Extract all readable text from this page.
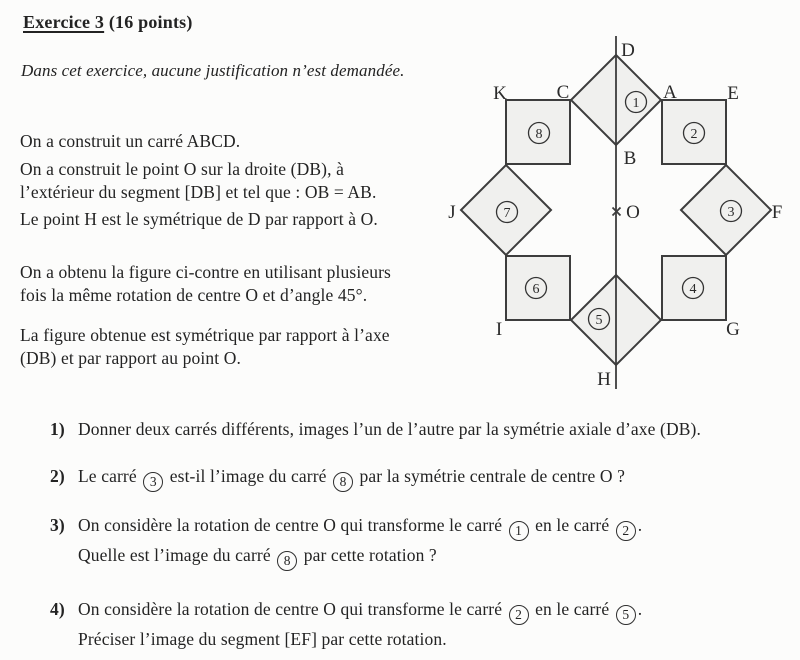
Exercice 3 (16 points)
Dans cet exercice, aucune justification n’est demandée.
On a construit un carré ABCD.
On a construit le point O sur la droite (DB), à
l’extérieur du segment [DB] et tel que : OB = AB.
Le point H est le symétrique de D par rapport à O.
On a obtenu la figure ci-contre en utilisant plusieurs
fois la même rotation de centre O et d’angle 45°.
La figure obtenue est symétrique par rapport à l’axe
(DB) et par rapport au point O.
D
K	C	A	E
B
J	O	F
I	G
H
1
2
3
4
5
6
7
8
1) Donner deux carrés différents, images l’un de l’autre par la symétrie axiale d’axe (DB).
2) Le carré 3 est-il l’image du carré 8 par la symétrie centrale de centre O ?
3) On considère la rotation de centre O qui transforme le carré 1 en le carré 2 .
Quelle est l’image du carré 8 par cette rotation ?
4) On considère la rotation de centre O qui transforme le carré 2 en le carré 5 .
Préciser l’image du segment [EF] par cette rotation.
